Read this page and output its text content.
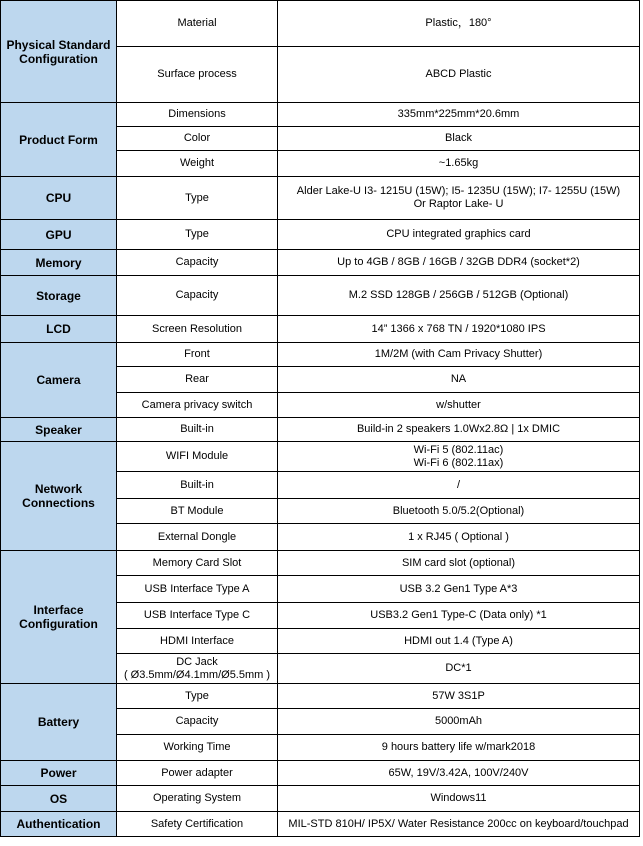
Physical Standard
Configuration	Material	Plastic，180°
	Surface process	ABCD Plastic
Product Form	Dimensions	335mm*225mm*20.6mm
	Color	Black
	Weight	~1.65kg
CPU	Type	Alder Lake-U I3- 1215U (15W); I5- 1235U (15W); I7- 1255U (15W)
Or Raptor Lake- U
GPU	Type	CPU integrated graphics card
Memory	Capacity	Up to 4GB / 8GB / 16GB / 32GB DDR4 (socket*2)
Storage	Capacity	M.2 SSD 128GB / 256GB / 512GB (Optional)
LCD	Screen Resolution	14” 1366 x 768 TN / 1920*1080 IPS
Camera	Front	1M/2M (with Cam Privacy Shutter)
	Rear	NA
	Camera privacy switch	w/shutter
Speaker	Built-in	Build-in 2 speakers 1.0Wx2.8Ω | 1x DMIC
Network
Connections	WIFI Module	Wi-Fi 5 (802.11ac)
Wi-Fi 6 (802.11ax)
	Built-in	/
	BT Module	Bluetooth 5.0/5.2(Optional)
	External Dongle	1 x RJ45 ( Optional )
Interface
Configuration	Memory Card Slot	SIM card slot (optional)
	USB Interface Type A	USB 3.2 Gen1 Type A*3
	USB Interface Type C	USB3.2 Gen1 Type-C (Data only) *1
	HDMI Interface	HDMI out 1.4 (Type A)
	DC Jack
( Ø3.5mm/Ø4.1mm/Ø5.5mm )	DC*1
Battery	Type	57W 3S1P
	Capacity	5000mAh
	Working Time	9 hours battery life w/mark2018
Power	Power adapter	65W, 19V/3.42A, 100V/240V
OS	Operating System	Windows11
Authentication	Safety Certification	MIL-STD 810H/ IP5X/ Water Resistance 200cc on keyboard/touchpad
